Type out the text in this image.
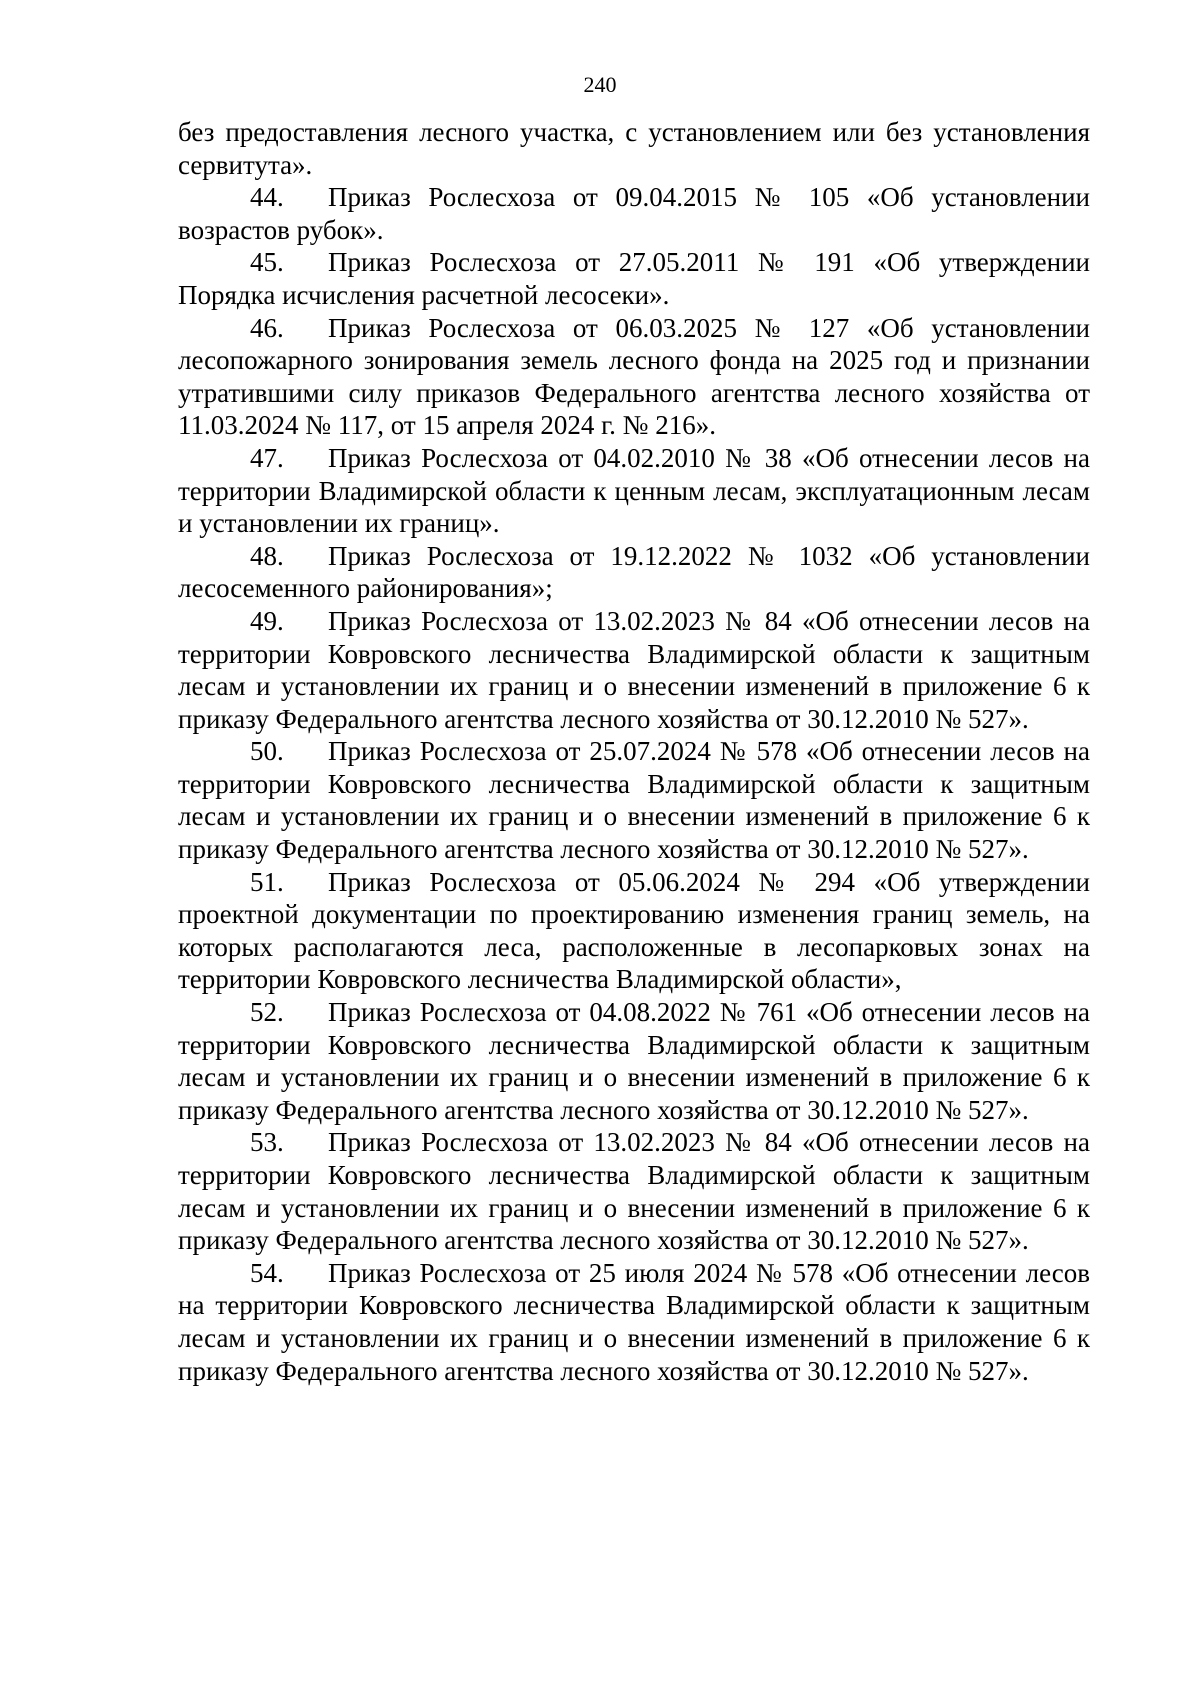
240

без предоставления лесного участка, с установлением или без установления сервитута».

44. Приказ Рослесхоза от 09.04.2015 № 105 «Об установлении возрастов рубок».

45. Приказ Рослесхоза от 27.05.2011 № 191 «Об утверждении Порядка исчисления расчетной лесосеки».

46. Приказ Рослесхоза от 06.03.2025 № 127 «Об установлении лесопожарного зонирования земель лесного фонда на 2025 год и признании утратившими силу приказов Федерального агентства лесного хозяйства от 11.03.2024 № 117, от 15 апреля 2024 г. № 216».

47. Приказ Рослесхоза от 04.02.2010 № 38 «Об отнесении лесов на территории Владимирской области к ценным лесам, эксплуатационным лесам и установлении их границ».

48. Приказ Рослесхоза от 19.12.2022 № 1032 «Об установлении лесосеменного районирования»;

49. Приказ Рослесхоза от 13.02.2023 № 84 «Об отнесении лесов на территории Ковровского лесничества Владимирской области к защитным лесам и установлении их границ и о внесении изменений в приложение 6 к приказу Федерального агентства лесного хозяйства от 30.12.2010 № 527».

50. Приказ Рослесхоза от 25.07.2024 № 578 «Об отнесении лесов на территории Ковровского лесничества Владимирской области к защитным лесам и установлении их границ и о внесении изменений в приложение 6 к приказу Федерального агентства лесного хозяйства от 30.12.2010 № 527».

51. Приказ Рослесхоза от 05.06.2024 № 294 «Об утверждении проектной документации по проектированию изменения границ земель, на которых располагаются леса, расположенные в лесопарковых зонах на территории Ковровского лесничества Владимирской области»,

52. Приказ Рослесхоза от 04.08.2022 № 761 «Об отнесении лесов на территории Ковровского лесничества Владимирской области к защитным лесам и установлении их границ и о внесении изменений в приложение 6 к приказу Федерального агентства лесного хозяйства от 30.12.2010 № 527».

53. Приказ Рослесхоза от 13.02.2023 № 84 «Об отнесении лесов на территории Ковровского лесничества Владимирской области к защитным лесам и установлении их границ и о внесении изменений в приложение 6 к приказу Федерального агентства лесного хозяйства от 30.12.2010 № 527».

54. Приказ Рослесхоза от 25 июля 2024 № 578 «Об отнесении лесов на территории Ковровского лесничества Владимирской области к защитным лесам и установлении их границ и о внесении изменений в приложение 6 к приказу Федерального агентства лесного хозяйства от 30.12.2010 № 527».
